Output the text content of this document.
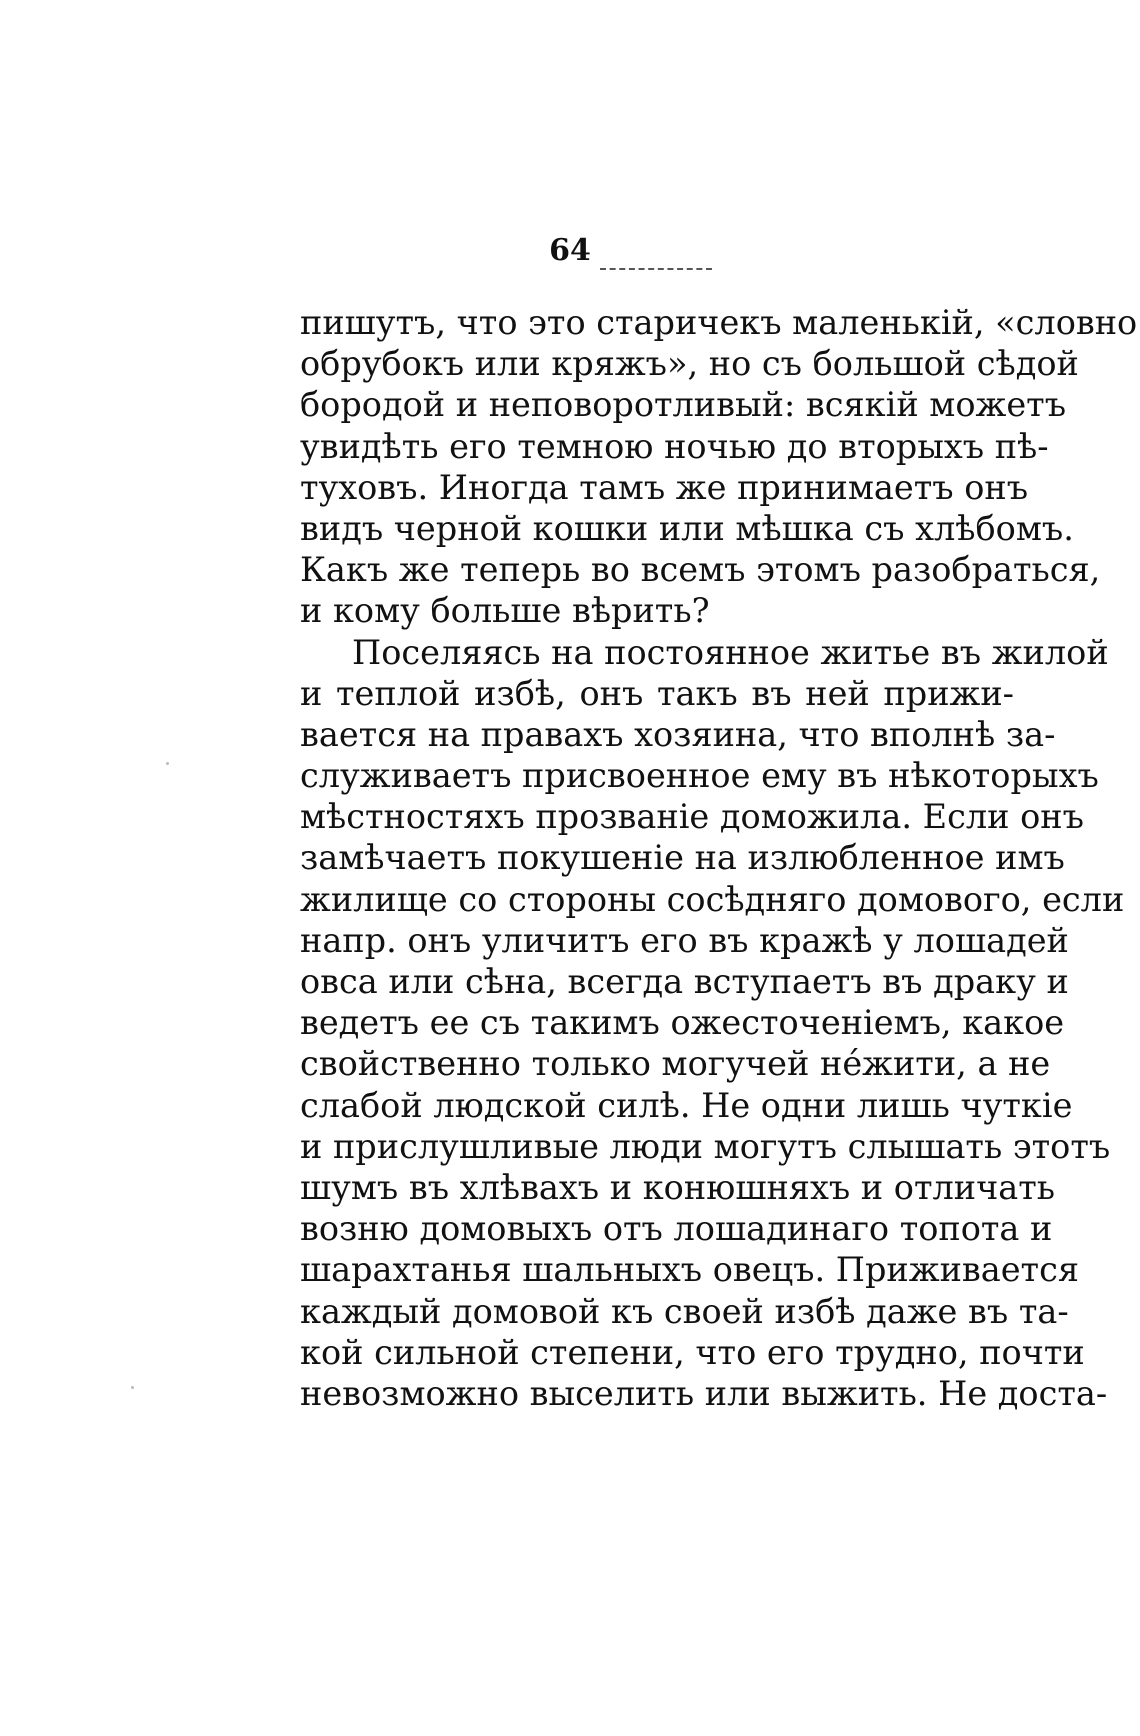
64
пишутъ, что это старичекъ маленькій, «словно
обрубокъ или кряжъ», но съ большой сѣдой
бородой и неповоротливый: всякій можетъ
увидѣть его темною ночью до вторыхъ пѣ-
туховъ. Иногда тамъ же принимаетъ онъ
видъ черной кошки или мѣшка съ хлѣбомъ.
Какъ же теперь во всемъ этомъ разобраться,
и кому больше вѣрить?
Поселяясь на постоянное житье въ жилой
и теплой избѣ, онъ такъ въ ней прижи-
вается на правахъ хозяина, что вполнѣ за-
служиваетъ присвоенное ему въ нѣкоторыхъ
мѣстностяхъ прозваніе доможила. Если онъ
замѣчаетъ покушеніе на излюбленное имъ
жилище со стороны сосѣдняго домового, если
напр. онъ уличитъ его въ кражѣ у лошадей
овса или сѣна, всегда вступаетъ въ драку и
ведетъ ее съ такимъ ожесточеніемъ, какое
свойственно только могучей нéжити, а не
слабой людской силѣ. Не одни лишь чуткіе
и прислушливые люди могутъ слышать этотъ
шумъ въ хлѣвахъ и конюшняхъ и отличать
возню домовыхъ отъ лошадинаго топота и
шарахтанья шальныхъ овецъ. Приживается
каждый домовой къ своей избѣ даже въ та-
кой сильной степени, что его трудно, почти
невозможно выселить или выжить. Не доста-
